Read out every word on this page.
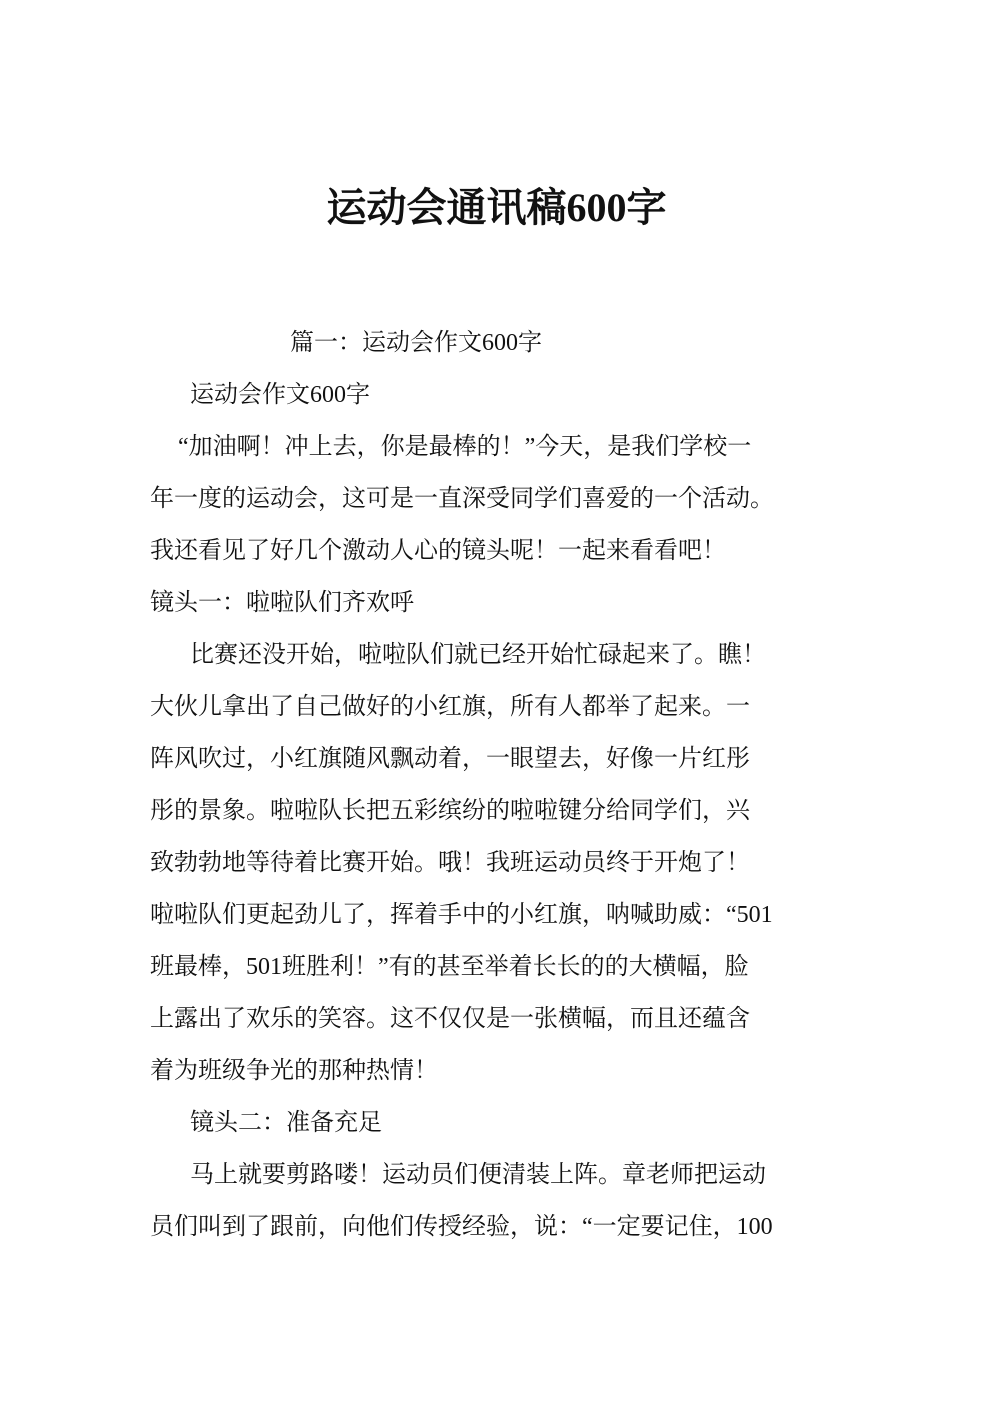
运动会通讯稿600字
篇一：运动会作文600字
运动会作文600字
“加油啊！冲上去，你是最棒的！”今天，是我们学校一
年一度的运动会，这可是一直深受同学们喜爱的一个活动。
我还看见了好几个激动人心的镜头呢！一起来看看吧！
镜头一：啦啦队们齐欢呼
比赛还没开始，啦啦队们就已经开始忙碌起来了。瞧！
大伙儿拿出了自己做好的小红旗，所有人都举了起来。一
阵风吹过，小红旗随风飘动着，一眼望去，好像一片红彤
彤的景象。啦啦队长把五彩缤纷的啦啦键分给同学们，兴
致勃勃地等待着比赛开始。哦！我班运动员终于开炮了！
啦啦队们更起劲儿了，挥着手中的小红旗，呐喊助威：“501
班最棒，501班胜利！”有的甚至举着长长的的大横幅，脸
上露出了欢乐的笑容。这不仅仅是一张横幅，而且还蕴含
着为班级争光的那种热情！
镜头二：准备充足
马上就要剪路喽！运动员们便清装上阵。章老师把运动
员们叫到了跟前，向他们传授经验，说：“一定要记住，100
